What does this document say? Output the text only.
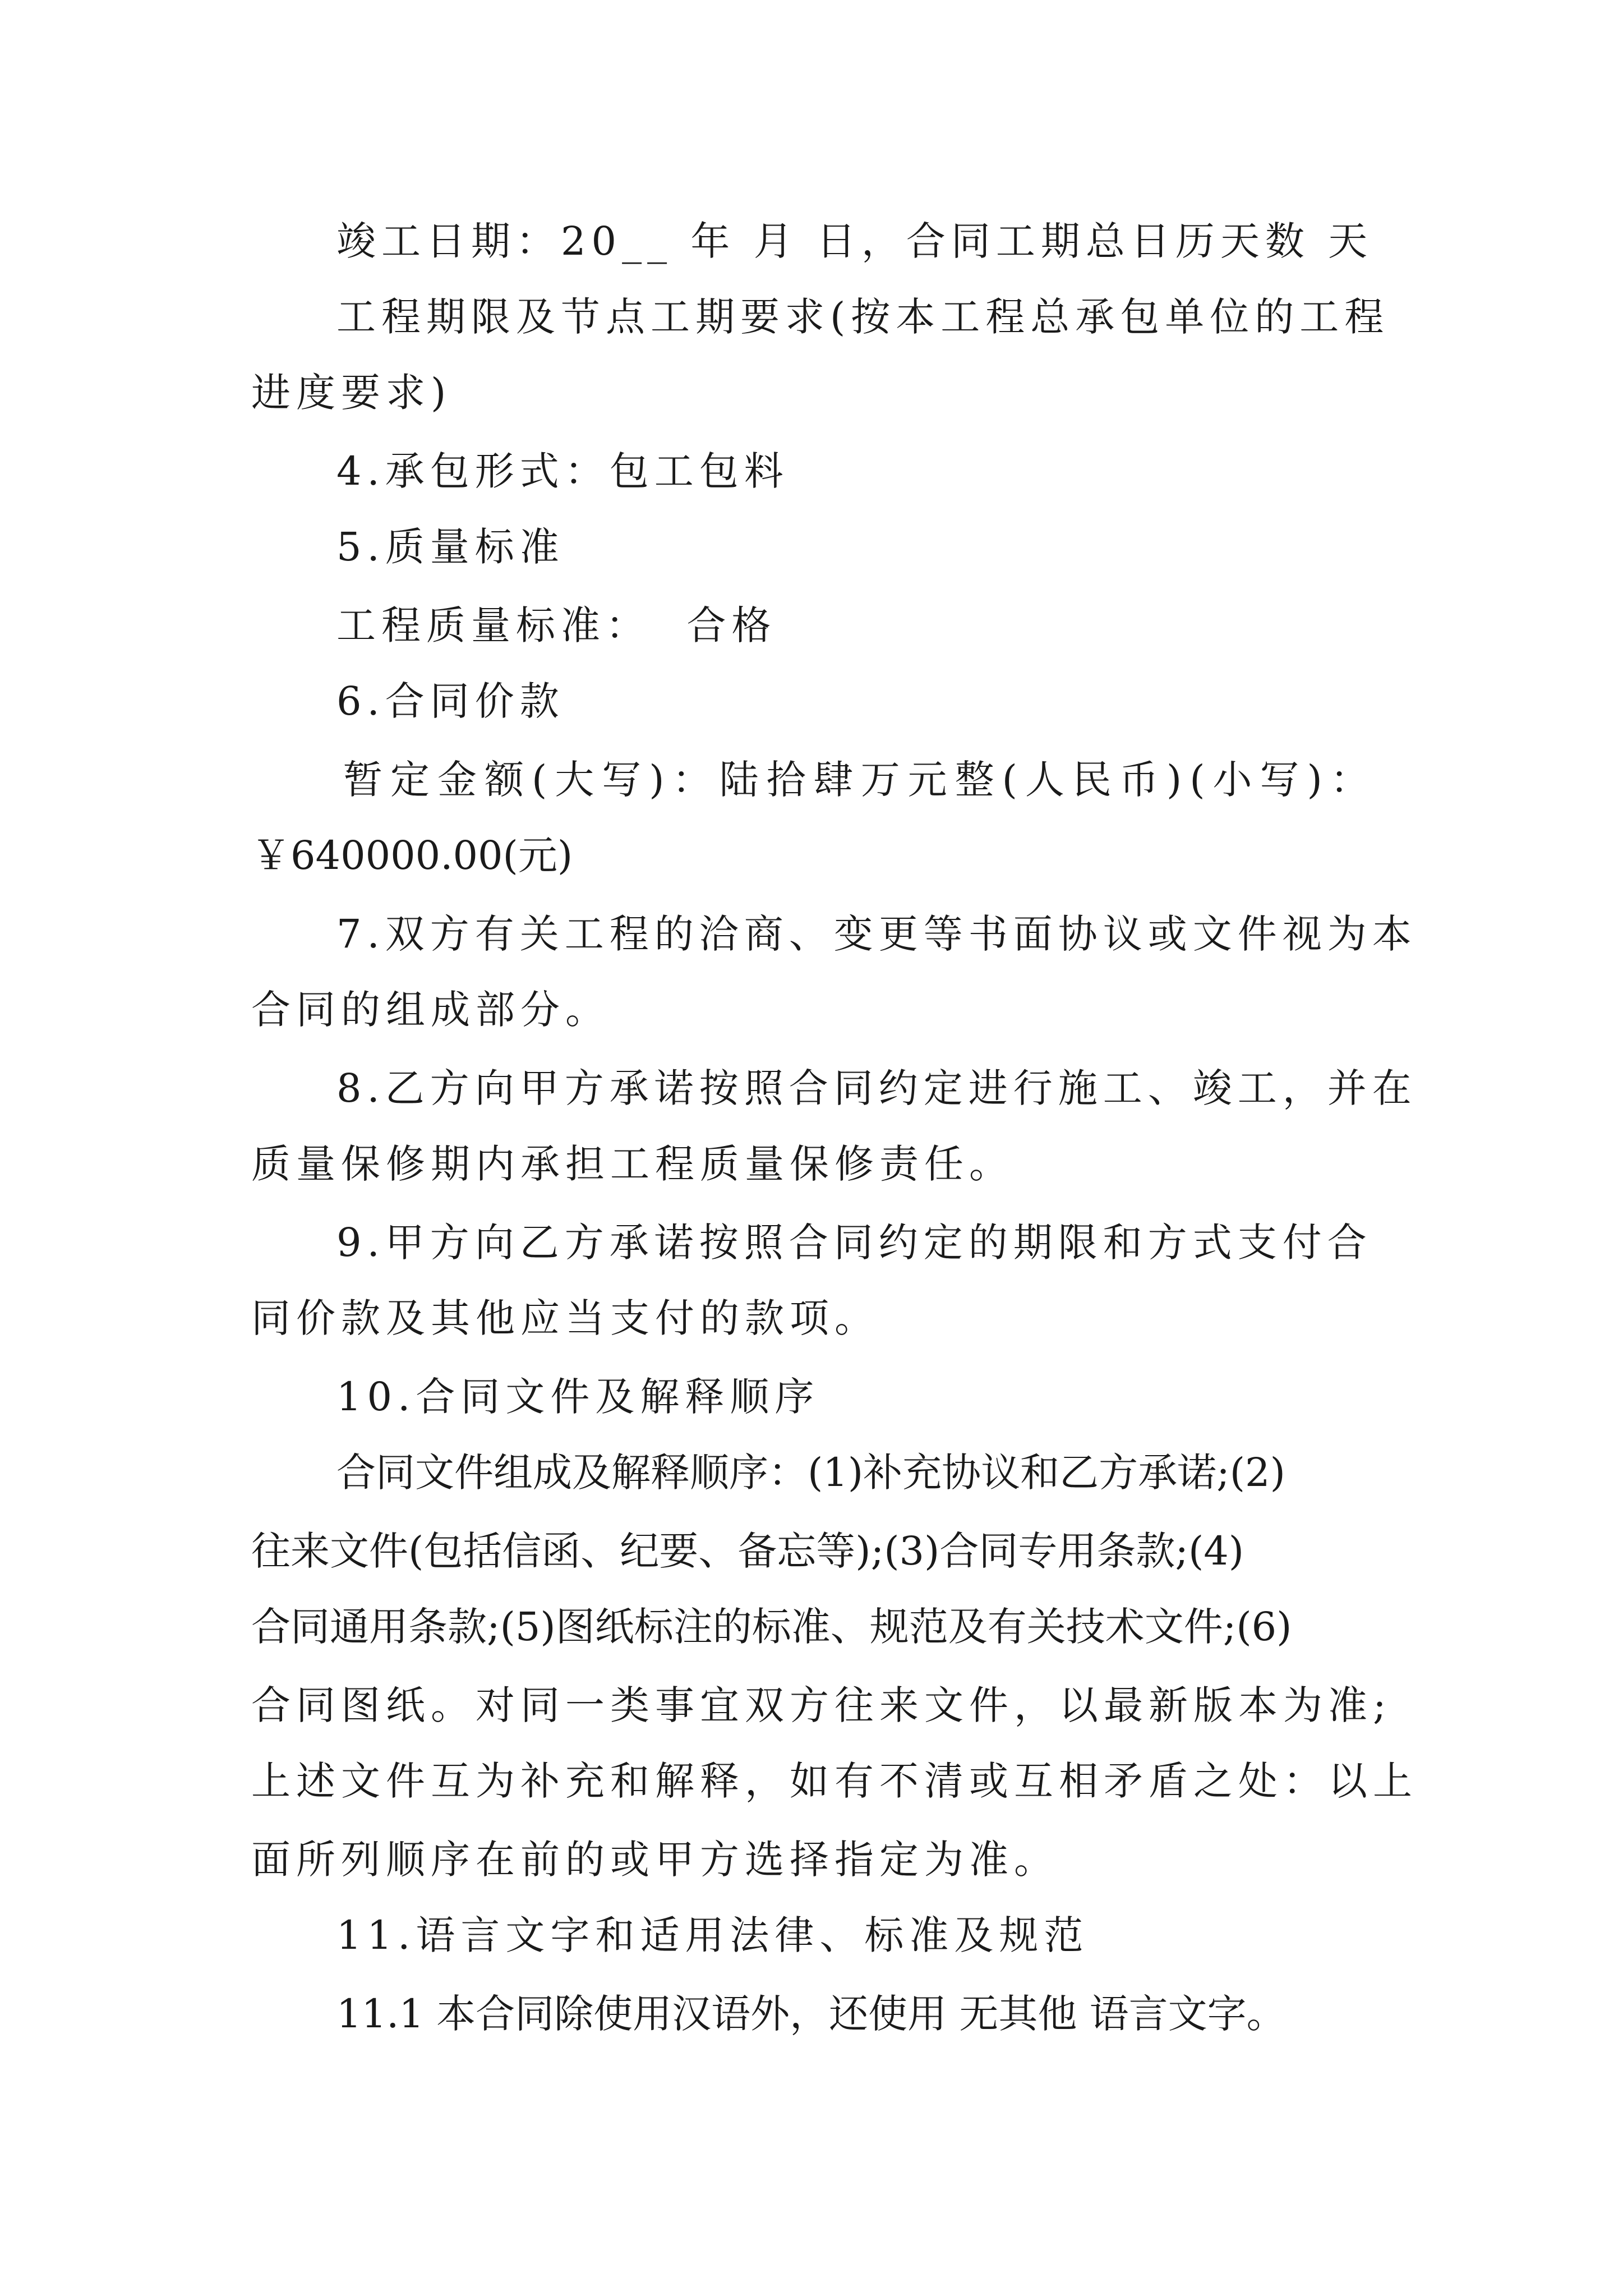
竣工日期：20__ 年 月 日，合同工期总日历天数 天
工程期限及节点工期要求(按本工程总承包单位的工程
进度要求)
4.承包形式：包工包料
5.质量标准
工程质量标准：  合格
6.合同价款
暂定金额(大写)：陆拾肆万元整(人民币)(小写)：
￥640000.00(元)
7.双方有关工程的洽商、变更等书面协议或文件视为本
合同的组成部分。
8.乙方向甲方承诺按照合同约定进行施工、竣工，并在
质量保修期内承担工程质量保修责任。
9.甲方向乙方承诺按照合同约定的期限和方式支付合
同价款及其他应当支付的款项。
10.合同文件及解释顺序
合同文件组成及解释顺序：(1)补充协议和乙方承诺;(2)
往来文件(包括信函、纪要、备忘等);(3)合同专用条款;(4)
合同通用条款;(5)图纸标注的标准、规范及有关技术文件;(6)
合同图纸。对同一类事宜双方往来文件，以最新版本为准;
上述文件互为补充和解释，如有不清或互相矛盾之处：以上
面所列顺序在前的或甲方选择指定为准。
11.语言文字和适用法律、标准及规范
11.1 本合同除使用汉语外，还使用 无其他 语言文字。
